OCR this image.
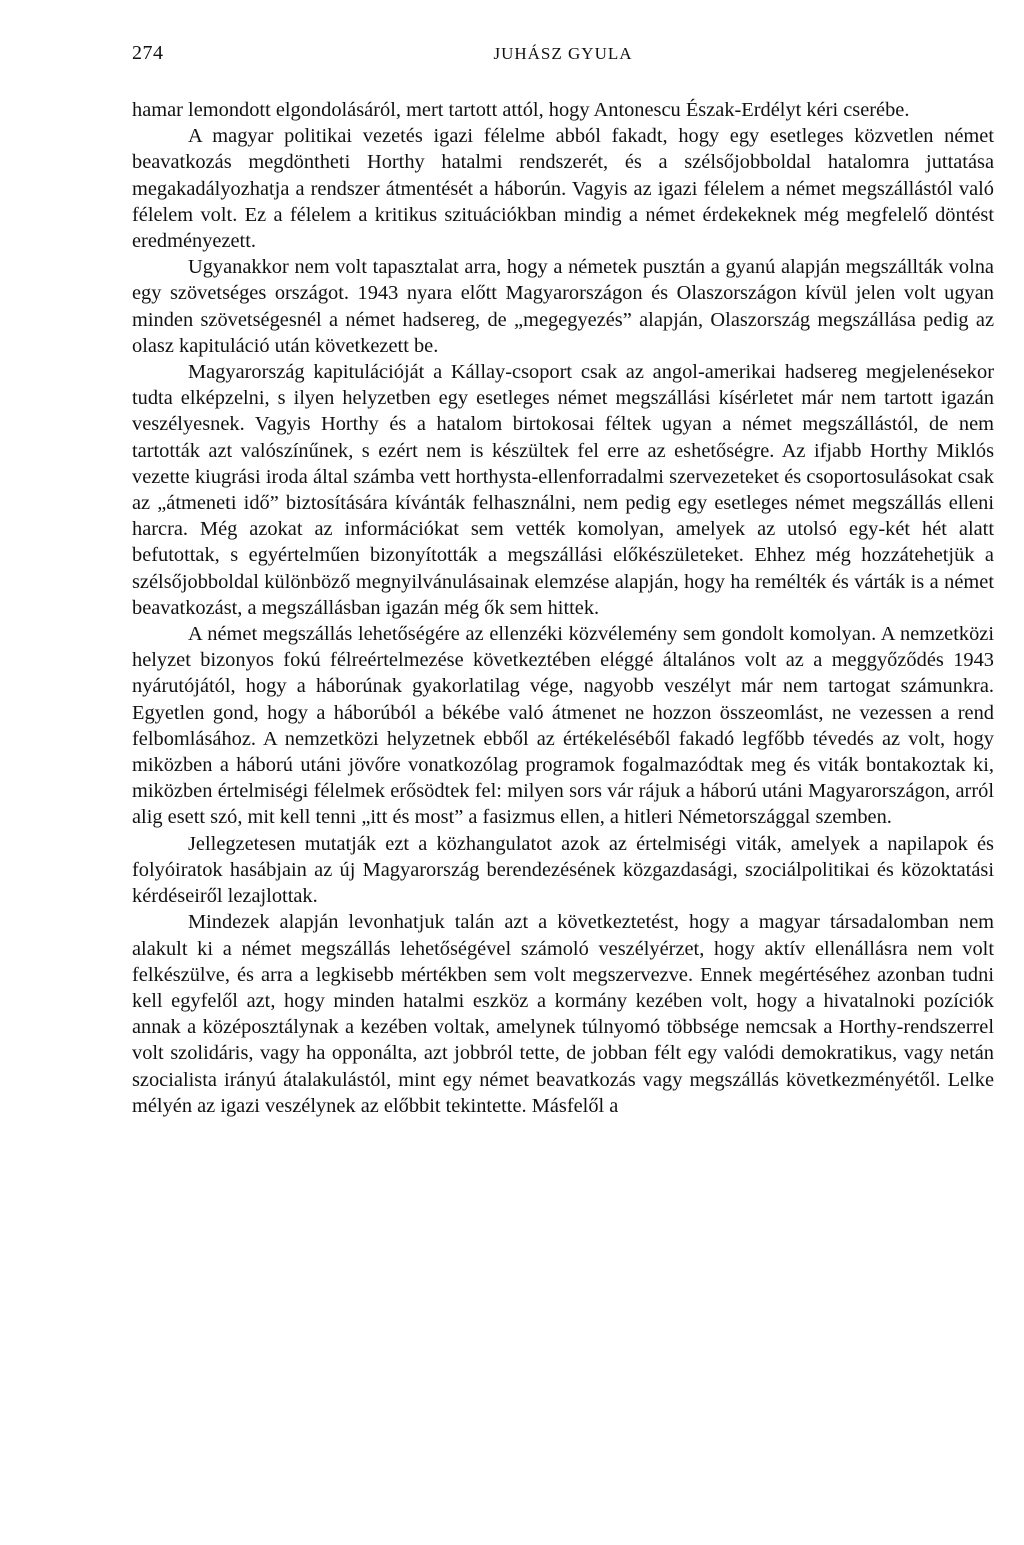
274	JUHÁSZ GYULA

hamar lemondott elgondolásáról, mert tartott attól, hogy Antonescu Észak-Erdélyt kéri cserébe.

A magyar politikai vezetés igazi félelme abból fakadt, hogy egy esetleges közvetlen német beavatkozás megdöntheti Horthy hatalmi rendszerét, és a szélsőjobboldal hatalomra juttatása megakadályozhatja a rendszer átmentését a háborún. Vagyis az igazi félelem a német megszállástól való félelem volt. Ez a félelem a kritikus szituációkban mindig a német érdekeknek még megfelelő döntést eredményezett.

Ugyanakkor nem volt tapasztalat arra, hogy a németek pusztán a gyanú alapján megszállták volna egy szövetséges országot. 1943 nyara előtt Magyarországon és Olaszországon kívül jelen volt ugyan minden szövetségesnél a német hadsereg, de „megegyezés” alapján, Olaszország megszállása pedig az olasz kapituláció után következett be.

Magyarország kapitulációját a Kállay-csoport csak az angol-amerikai hadsereg megjelenésekor tudta elképzelni, s ilyen helyzetben egy esetleges német megszállási kísérletet már nem tartott igazán veszélyesnek. Vagyis Horthy és a hatalom birtokosai féltek ugyan a német megszállástól, de nem tartották azt valószínűnek, s ezért nem is készültek fel erre az eshetőségre. Az ifjabb Horthy Miklós vezette kiugrási iroda által számba vett horthysta-ellenforradalmi szervezeteket és csoportosulásokat csak az „átmeneti idő” biztosítására kívánták felhasználni, nem pedig egy esetleges német megszállás elleni harcra. Még azokat az információkat sem vették komolyan, amelyek az utolsó egy-két hét alatt befutottak, s egyértelműen bizonyították a megszállási előkészületeket. Ehhez még hozzátehetjük a szélsőjobboldal különböző megnyilvánulásainak elemzése alapján, hogy ha remélték és várták is a német beavatkozást, a megszállásban igazán még ők sem hittek.

A német megszállás lehetőségére az ellenzéki közvélemény sem gondolt komolyan. A nemzetközi helyzet bizonyos fokú félreértelmezése következtében eléggé általános volt az a meggyőződés 1943 nyárutójától, hogy a háborúnak gyakorlatilag vége, nagyobb veszélyt már nem tartogat számunkra. Egyetlen gond, hogy a háborúból a békébe való átmenet ne hozzon összeomlást, ne vezessen a rend felbomlásához. A nemzetközi helyzetnek ebből az értékeléséből fakadó legfőbb tévedés az volt, hogy miközben a háború utáni jövőre vonatkozólag programok fogalmazódtak meg és viták bontakoztak ki, miközben értelmiségi félelmek erősödtek fel: milyen sors vár rájuk a háború utáni Magyarországon, arról alig esett szó, mit kell tenni „itt és most” a fasizmus ellen, a hitleri Németországgal szemben.

Jellegzetesen mutatják ezt a közhangulatot azok az értelmiségi viták, amelyek a napilapok és folyóiratok hasábjain az új Magyarország berendezésének közgazdasági, szociálpolitikai és közoktatási kérdéseiről lezajlottak.

Mindezek alapján levonhatjuk talán azt a következtetést, hogy a magyar társadalomban nem alakult ki a német megszállás lehetőségével számoló veszélyérzet, hogy aktív ellenállásra nem volt felkészülve, és arra a legkisebb mértékben sem volt megszervezve. Ennek megértéséhez azonban tudni kell egyfelől azt, hogy minden hatalmi eszköz a kormány kezében volt, hogy a hivatalnoki pozíciók annak a középosztálynak a kezében voltak, amelynek túlnyomó többsége nemcsak a Horthy-rendszerrel volt szolidáris, vagy ha opponálta, azt jobbról tette, de jobban félt egy valódi demokratikus, vagy netán szocialista irányú átalakulástól, mint egy német beavatkozás vagy megszállás következményétől. Lelke mélyén az igazi veszélynek az előbbit tekintette. Másfelől a
